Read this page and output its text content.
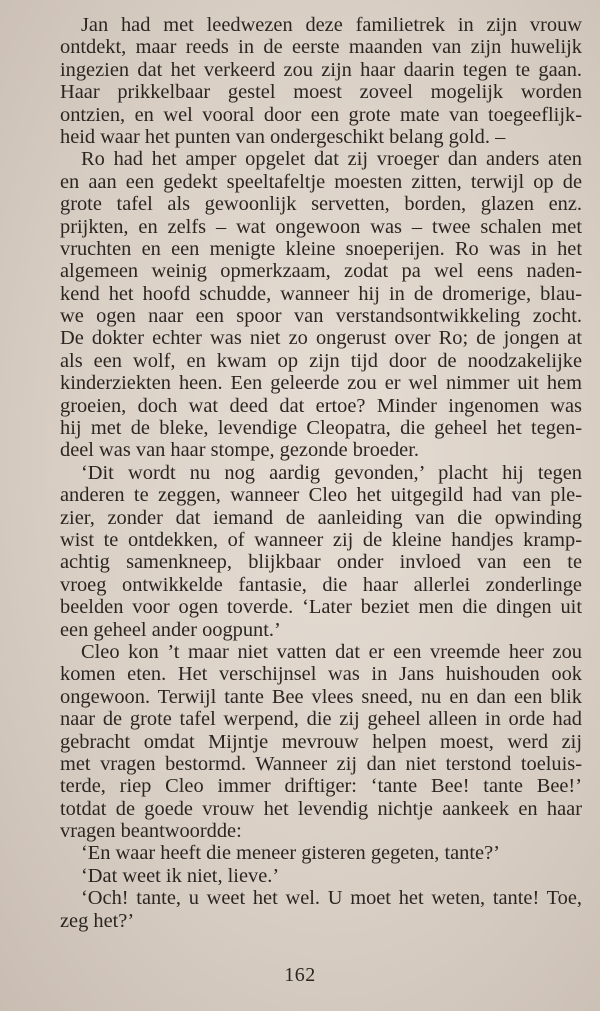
Jan had met leedwezen deze familietrek in zijn vrouw
ontdekt, maar reeds in de eerste maanden van zijn huwelijk
ingezien dat het verkeerd zou zijn haar daarin tegen te gaan.
Haar prikkelbaar gestel moest zoveel mogelijk worden
ontzien, en wel vooral door een grote mate van toegeeflijk-
heid waar het punten van ondergeschikt belang gold. –
Ro had het amper opgelet dat zij vroeger dan anders aten
en aan een gedekt speeltafeltje moesten zitten, terwijl op de
grote tafel als gewoonlijk servetten, borden, glazen enz.
prijkten, en zelfs – wat ongewoon was – twee schalen met
vruchten en een menigte kleine snoeperijen. Ro was in het
algemeen weinig opmerkzaam, zodat pa wel eens naden-
kend het hoofd schudde, wanneer hij in de dromerige, blau-
we ogen naar een spoor van verstandsontwikkeling zocht.
De dokter echter was niet zo ongerust over Ro; de jongen at
als een wolf, en kwam op zijn tijd door de noodzakelijke
kinderziekten heen. Een geleerde zou er wel nimmer uit hem
groeien, doch wat deed dat ertoe? Minder ingenomen was
hij met de bleke, levendige Cleopatra, die geheel het tegen-
deel was van haar stompe, gezonde broeder.
‘Dit wordt nu nog aardig gevonden,’ placht hij tegen
anderen te zeggen, wanneer Cleo het uitgegild had van ple-
zier, zonder dat iemand de aanleiding van die opwinding
wist te ontdekken, of wanneer zij de kleine handjes kramp-
achtig samenkneep, blijkbaar onder invloed van een te
vroeg ontwikkelde fantasie, die haar allerlei zonderlinge
beelden voor ogen toverde. ‘Later beziet men die dingen uit
een geheel ander oogpunt.’
Cleo kon ’t maar niet vatten dat er een vreemde heer zou
komen eten. Het verschijnsel was in Jans huishouden ook
ongewoon. Terwijl tante Bee vlees sneed, nu en dan een blik
naar de grote tafel werpend, die zij geheel alleen in orde had
gebracht omdat Mijntje mevrouw helpen moest, werd zij
met vragen bestormd. Wanneer zij dan niet terstond toeluis-
terde, riep Cleo immer driftiger: ‘tante Bee! tante Bee!’
totdat de goede vrouw het levendig nichtje aankeek en haar
vragen beantwoordde:
‘En waar heeft die meneer gisteren gegeten, tante?’
‘Dat weet ik niet, lieve.’
‘Och! tante, u weet het wel. U moet het weten, tante! Toe,
zeg het?’
162
